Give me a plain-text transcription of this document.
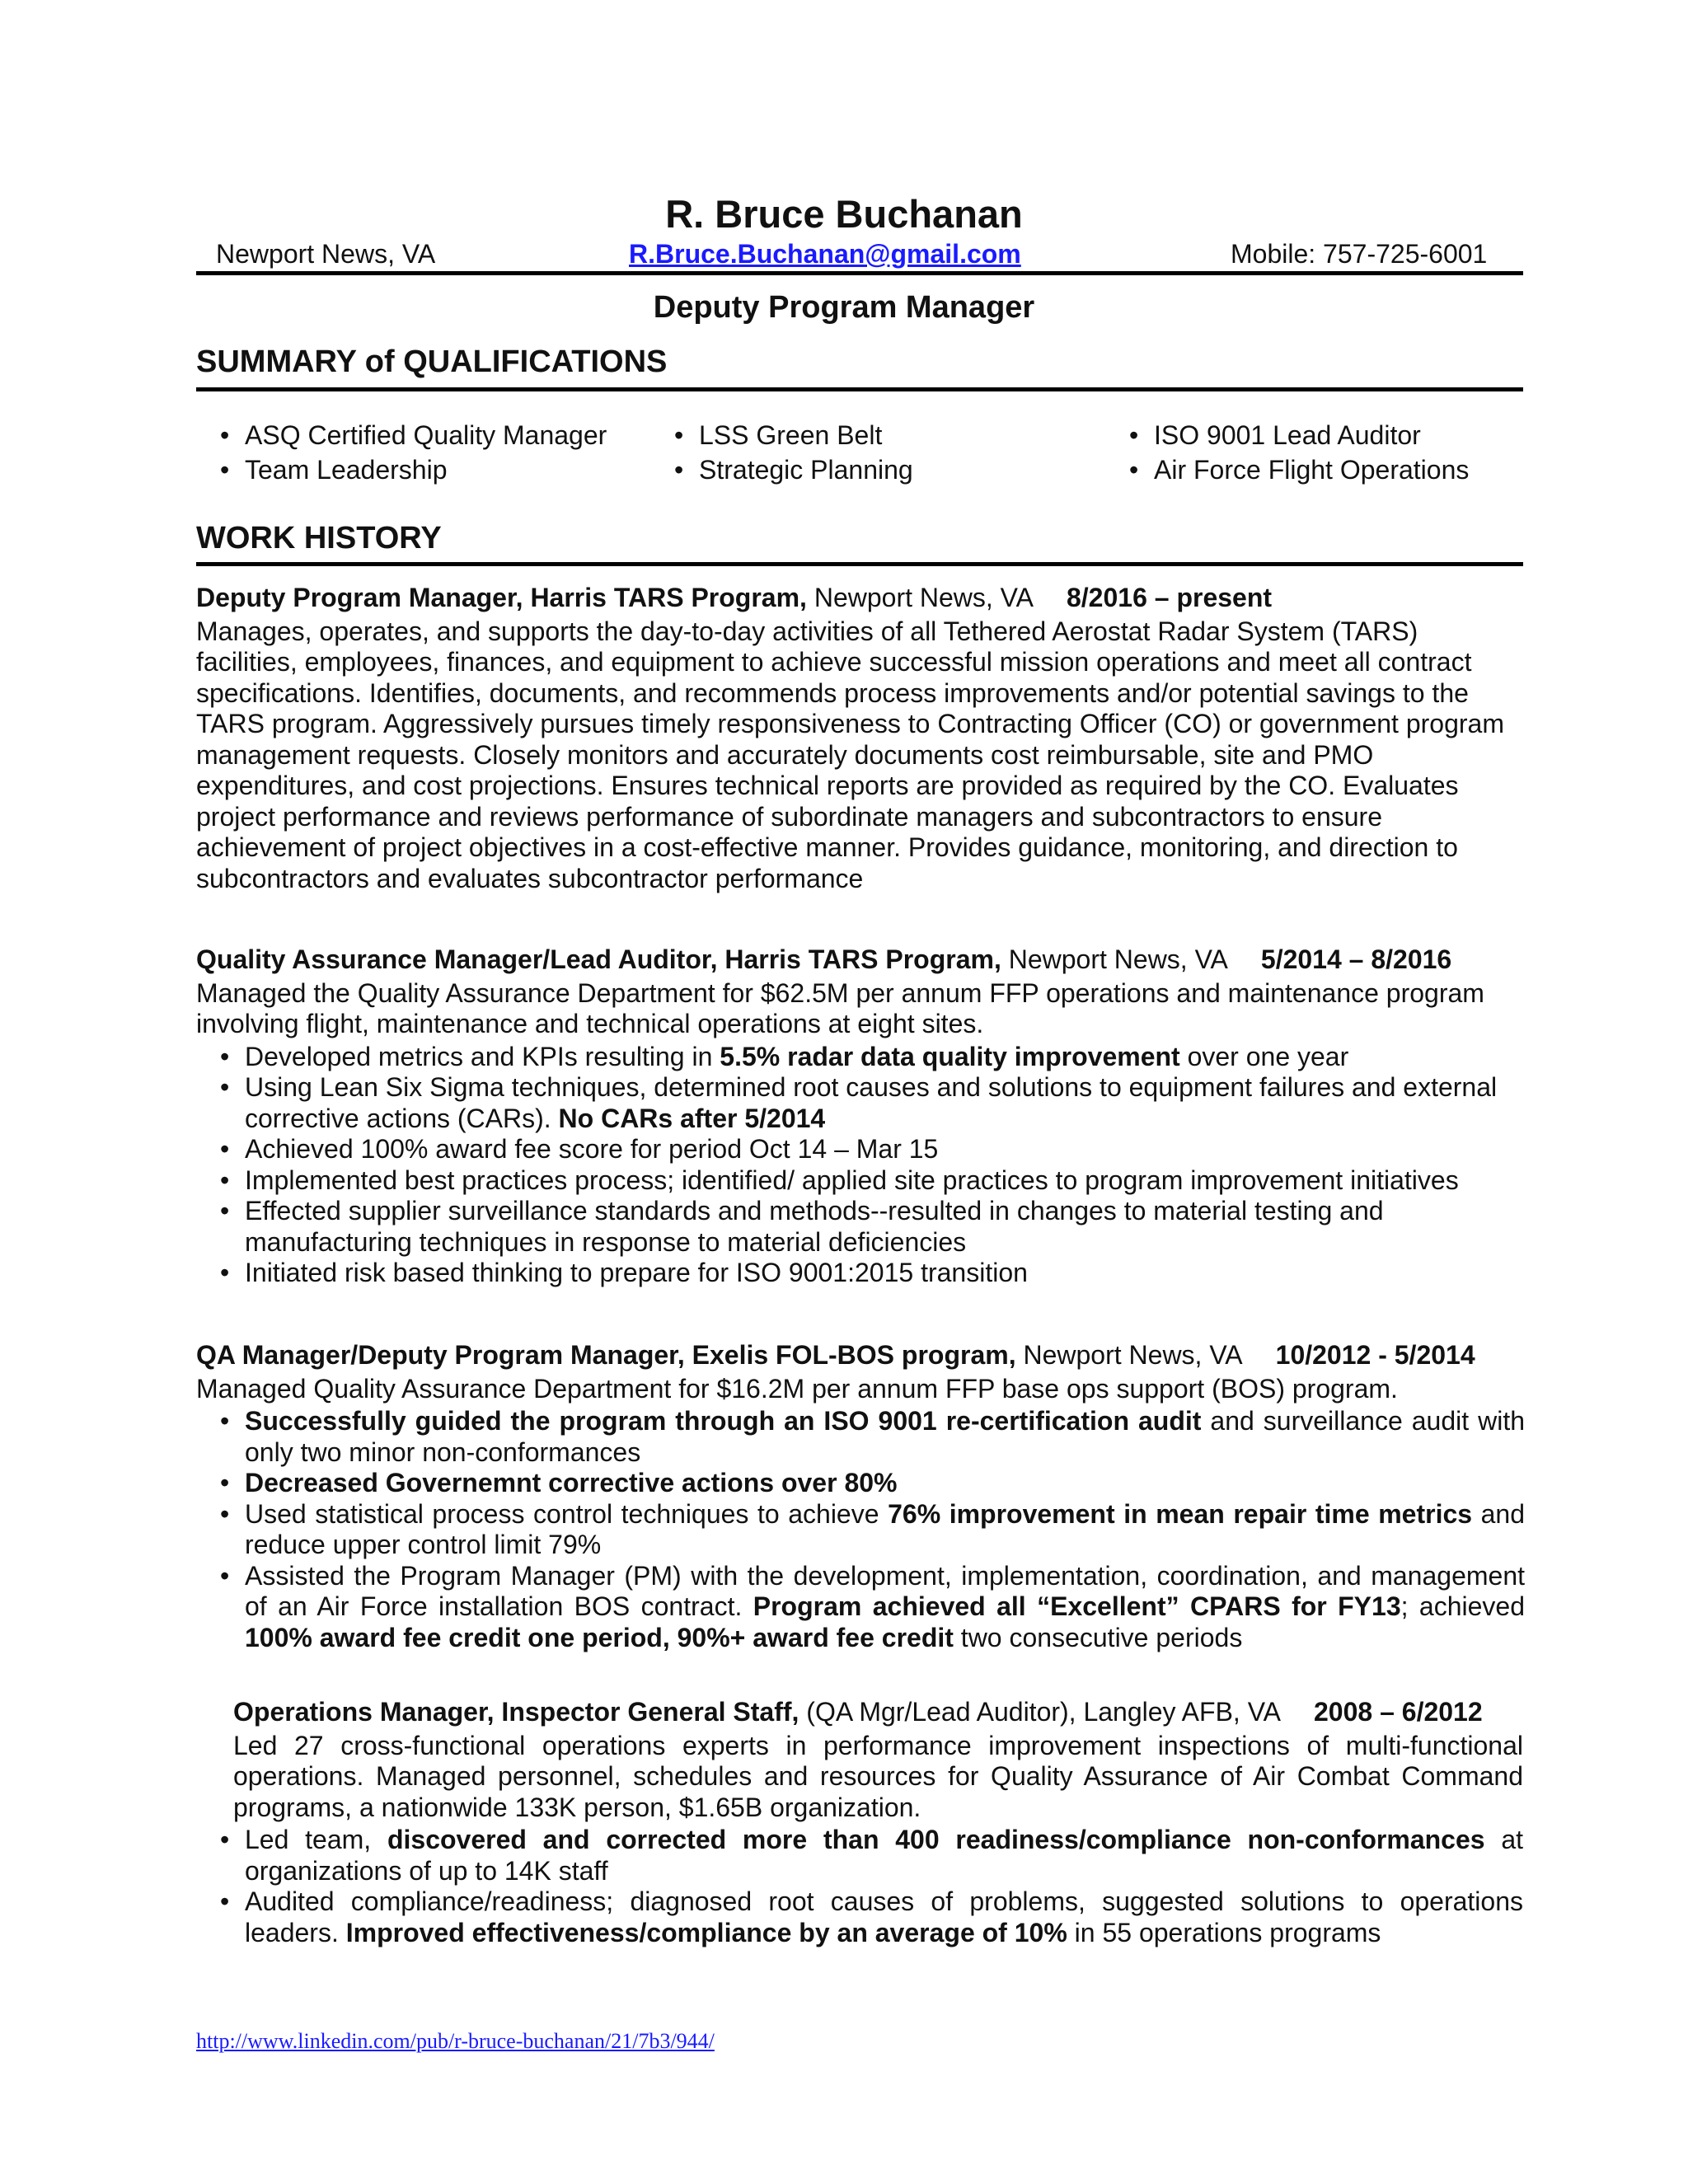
R. Bruce Buchanan
Newport News, VA	R.Bruce.Buchanan@gmail.com	Mobile: 757-725-6001
Deputy Program Manager
SUMMARY of QUALIFICATIONS
• ASQ Certified Quality Manager	• LSS Green Belt	• ISO 9001 Lead Auditor
• Team Leadership	• Strategic Planning	• Air Force Flight Operations
WORK HISTORY
Deputy Program Manager, Harris TARS Program, Newport News, VA 8/2016 – present

Manages, operates, and supports the day-to-day activities of all Tethered Aerostat Radar System (TARS) facilities, employees, finances, and equipment to achieve successful mission operations and meet all contract specifications. Identifies, documents, and recommends process improvements and/or potential savings to the TARS program. Aggressively pursues timely responsiveness to Contracting Officer (CO) or government program management requests. Closely monitors and accurately documents cost reimbursable, site and PMO expenditures, and cost projections. Ensures technical reports are provided as required by the CO. Evaluates project performance and reviews performance of subordinate managers and subcontractors to ensure achievement of project objectives in a cost-effective manner. Provides guidance, monitoring, and direction to subcontractors and evaluates subcontractor performance

Quality Assurance Manager/Lead Auditor, Harris TARS Program, Newport News, VA 5/2014 – 8/2016

Managed the Quality Assurance Department for $62.5M per annum FFP operations and maintenance program involving flight, maintenance and technical operations at eight sites.

• Developed metrics and KPIs resulting in 5.5% radar data quality improvement over one year
• Using Lean Six Sigma techniques, determined root causes and solutions to equipment failures and external corrective actions (CARs). No CARs after 5/2014
• Achieved 100% award fee score for period Oct 14 – Mar 15
• Implemented best practices process; identified/ applied site practices to program improvement initiatives
• Effected supplier surveillance standards and methods--resulted in changes to material testing and manufacturing techniques in response to material deficiencies
• Initiated risk based thinking to prepare for ISO 9001:2015 transition
QA Manager/Deputy Program Manager, Exelis FOL-BOS program, Newport News, VA 10/2012 - 5/2014

Managed Quality Assurance Department for $16.2M per annum FFP base ops support (BOS) program.

• Successfully guided the program through an ISO 9001 re-certification audit and surveillance audit with only two minor non-conformances
• Decreased Governemnt corrective actions over 80%
• Used statistical process control techniques to achieve 76% improvement in mean repair time metrics and reduce upper control limit 79%
• Assisted the Program Manager (PM) with the development, implementation, coordination, and management of an Air Force installation BOS contract. Program achieved all “Excellent” CPARS for FY13; achieved 100% award fee credit one period, 90%+ award fee credit two consecutive periods
Operations Manager, Inspector General Staff, (QA Mgr/Lead Auditor), Langley AFB, VA 2008 – 6/2012

Led 27 cross-functional operations experts in performance improvement inspections of multi-functional operations. Managed personnel, schedules and resources for Quality Assurance of Air Combat Command programs, a nationwide 133K person, $1.65B organization.

• Led team, discovered and corrected more than 400 readiness/compliance non-conformances at organizations of up to 14K staff
• Audited compliance/readiness; diagnosed root causes of problems, suggested solutions to operations leaders. Improved effectiveness/compliance by an average of 10% in 55 operations programs
http://www.linkedin.com/pub/r-bruce-buchanan/21/7b3/944/
